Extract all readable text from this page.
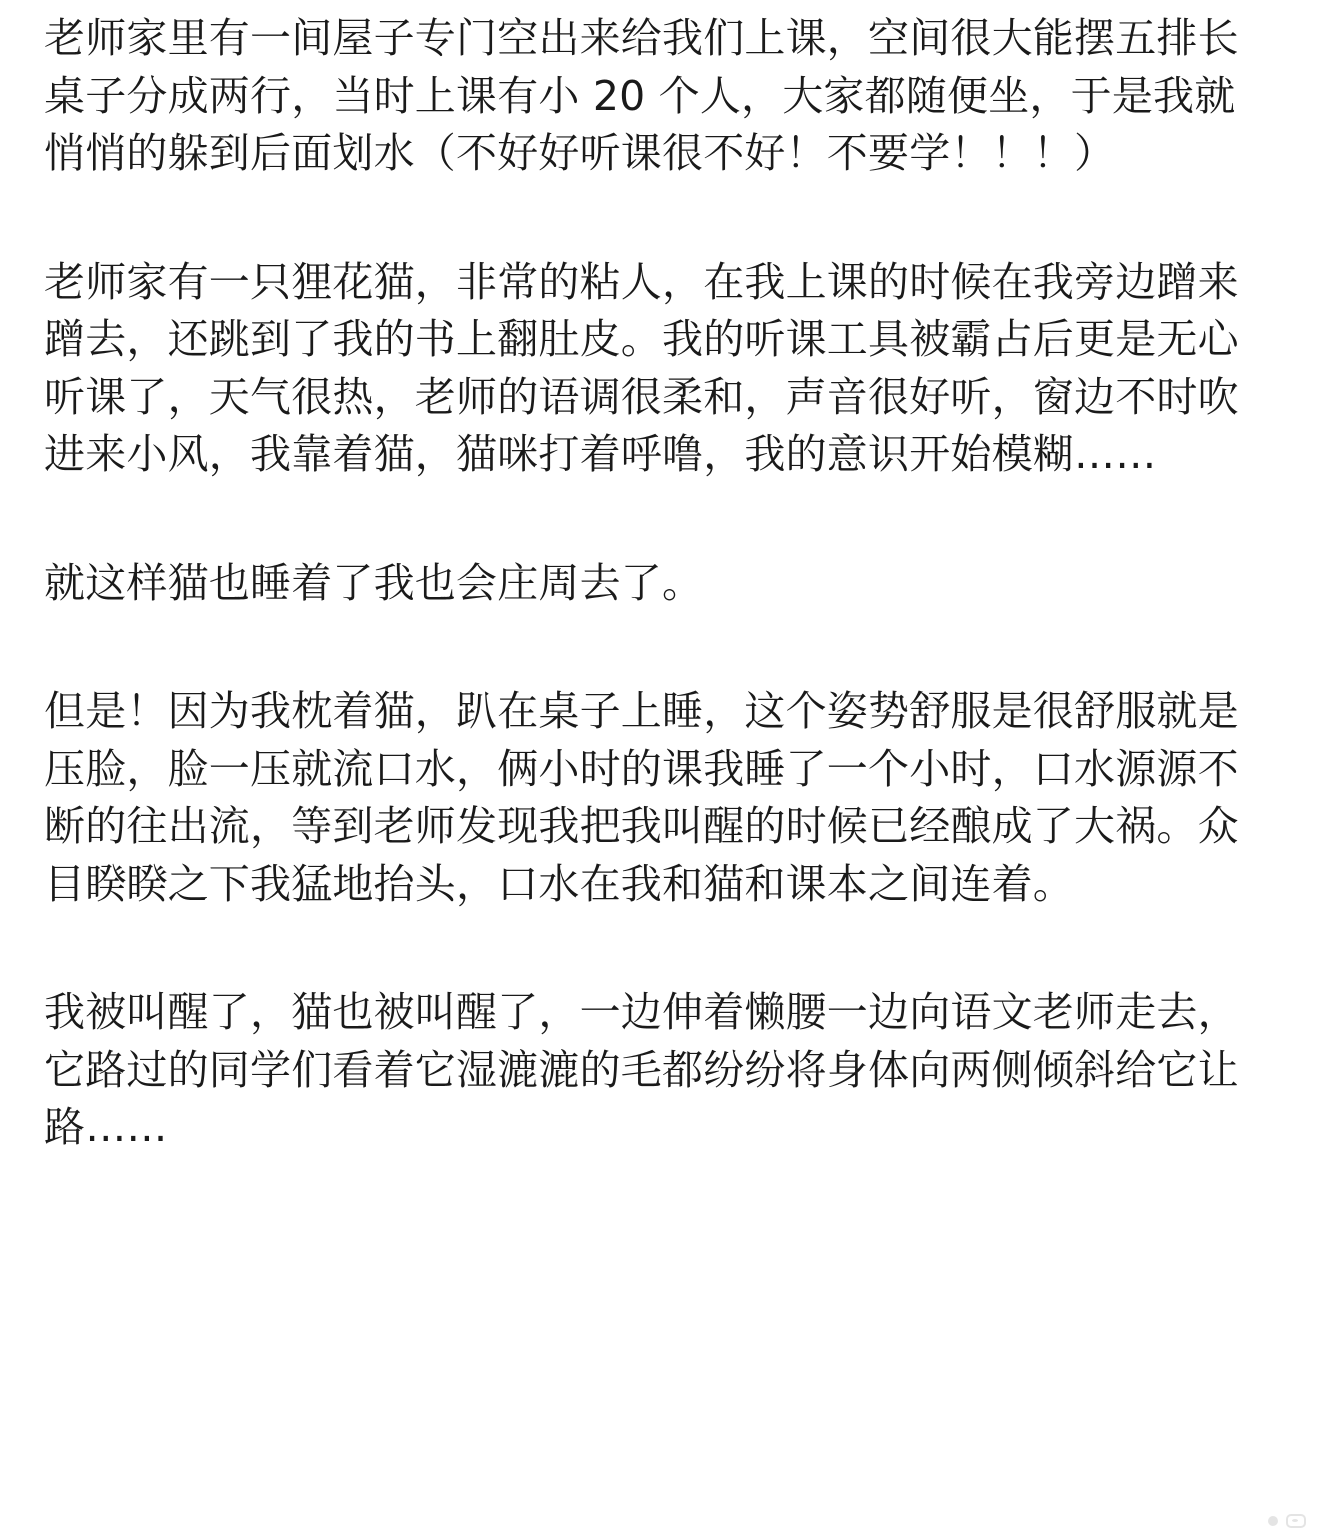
老师家里有一间屋子专门空出来给我们上课，空间很大能摆五排长桌子分成两行，当时上课有小 20 个人，大家都随便坐，于是我就悄悄的躲到后面划水（不好好听课很不好！不要学！！！）

老师家有一只狸花猫，非常的粘人，在我上课的时候在我旁边蹭来蹭去，还跳到了我的书上翻肚皮。我的听课工具被霸占后更是无心听课了，天气很热，老师的语调很柔和，声音很好听，窗边不时吹进来小风，我靠着猫，猫咪打着呼噜，我的意识开始模糊……

就这样猫也睡着了我也会庄周去了。

但是！因为我枕着猫，趴在桌子上睡，这个姿势舒服是很舒服就是压脸，脸一压就流口水，俩小时的课我睡了一个小时，口水源源不断的往出流，等到老师发现我把我叫醒的时候已经酿成了大祸。众目睽睽之下我猛地抬头，口水在我和猫和课本之间连着。

我被叫醒了，猫也被叫醒了，一边伸着懒腰一边向语文老师走去，它路过的同学们看着它湿漉漉的毛都纷纷将身体向两侧倾斜给它让路……
